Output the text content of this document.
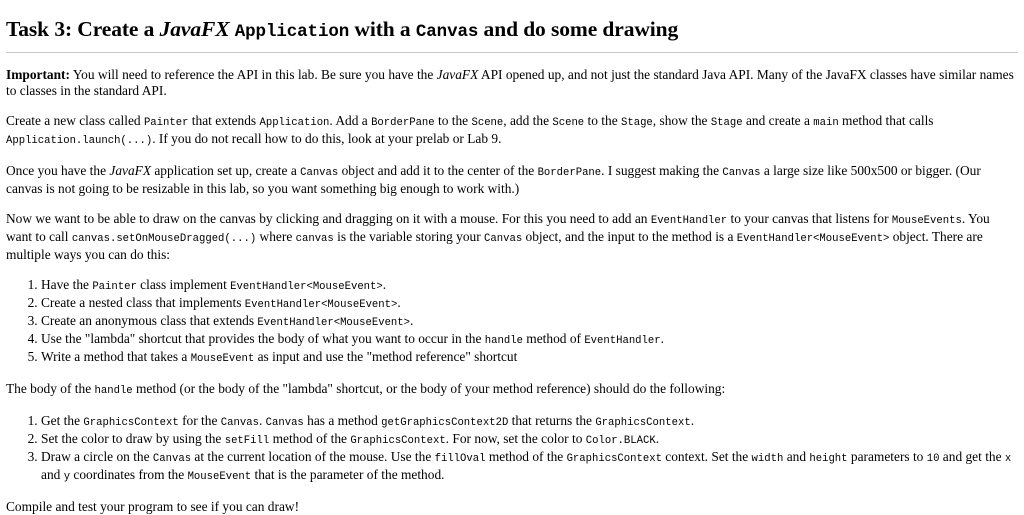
Task 3: Create a JavaFX Application with a Canvas and do some drawing

Important: You will need to reference the API in this lab. Be sure you have the JavaFX API opened up, and not just the standard Java API. Many of the JavaFX classes have similar names to classes in the standard API.

Create a new class called Painter that extends Application. Add a BorderPane to the Scene, add the Scene to the Stage, show the Stage and create a main method that calls Application.launch(...). If you do not recall how to do this, look at your prelab or Lab 9.

Once you have the JavaFX application set up, create a Canvas object and add it to the center of the BorderPane. I suggest making the Canvas a large size like 500x500 or bigger. (Our canvas is not going to be resizable in this lab, so you want something big enough to work with.)

Now we want to be able to draw on the canvas by clicking and dragging on it with a mouse. For this you need to add an EventHandler to your canvas that listens for MouseEvents. You want to call canvas.setOnMouseDragged(...) where canvas is the variable storing your Canvas object, and the input to the method is a EventHandler<MouseEvent> object. There are multiple ways you can do this:

1. Have the Painter class implement EventHandler<MouseEvent>.
2. Create a nested class that implements EventHandler<MouseEvent>.
3. Create an anonymous class that extends EventHandler<MouseEvent>.
4. Use the "lambda" shortcut that provides the body of what you want to occur in the handle method of EventHandler.
5. Write a method that takes a MouseEvent as input and use the "method reference" shortcut

The body of the handle method (or the body of the "lambda" shortcut, or the body of your method reference) should do the following:

1. Get the GraphicsContext for the Canvas. Canvas has a method getGraphicsContext2D that returns the GraphicsContext.
2. Set the color to draw by using the setFill method of the GraphicsContext. For now, set the color to Color.BLACK.
3. Draw a circle on the Canvas at the current location of the mouse. Use the fillOval method of the GraphicsContext context. Set the width and height parameters to 10 and get the x and y coordinates from the MouseEvent that is the parameter of the method.

Compile and test your program to see if you can draw!
